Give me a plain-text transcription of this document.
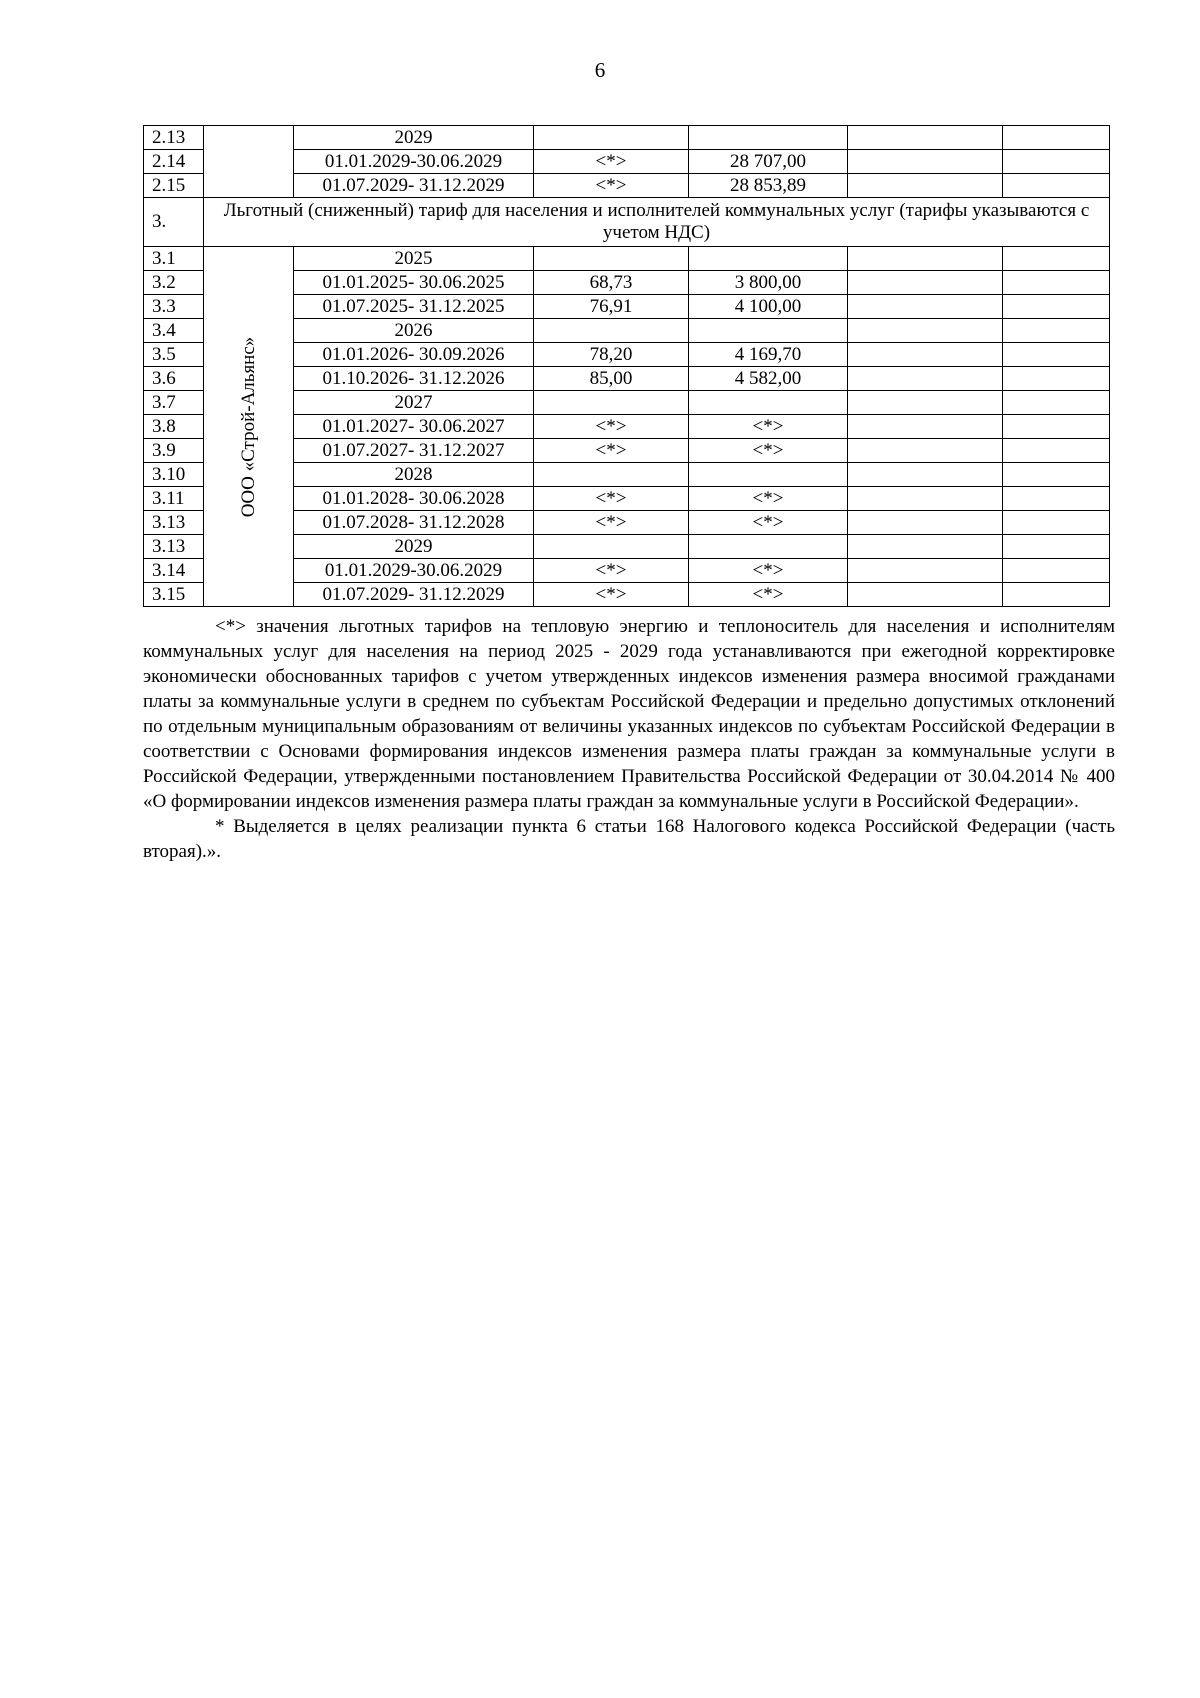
6
2.13		2029				
2.14		01.01.2029-30.06.2029	<*>	28 707,00		
2.15		01.07.2029- 31.12.2029	<*>	28 853,89		
3.	Льготный (сниженный) тариф для населения и исполнителей коммунальных услуг (тарифы указываются с учетом НДС)					
3.1	ООО «Строй-Альянс»	2025				
3.2		01.01.2025- 30.06.2025	68,73	3 800,00		
3.3		01.07.2025- 31.12.2025	76,91	4 100,00		
3.4		2026				
3.5		01.01.2026- 30.09.2026	78,20	4 169,70		
3.6		01.10.2026- 31.12.2026	85,00	4 582,00		
3.7		2027				
3.8		01.01.2027- 30.06.2027	<*>	<*>		
3.9		01.07.2027- 31.12.2027	<*>	<*>		
3.10		2028				
3.11		01.01.2028- 30.06.2028	<*>	<*>		
3.13		01.07.2028- 31.12.2028	<*>	<*>		
3.13		2029				
3.14		01.01.2029-30.06.2029	<*>	<*>		
3.15		01.07.2029- 31.12.2029	<*>	<*>		

<*> значения льготных тарифов на тепловую энергию и теплоноситель для населения и исполнителям коммунальных услуг для населения на период 2025 - 2029 года устанавливаются при ежегодной корректировке экономически обоснованных тарифов с учетом утвержденных индексов изменения размера вносимой гражданами платы за коммунальные услуги в среднем по субъектам Российской Федерации и предельно допустимых отклонений по отдельным муниципальным образованиям от величины указанных индексов по субъектам Российской Федерации в соответствии с Основами формирования индексов изменения размера платы граждан за коммунальные услуги в Российской Федерации, утвержденными постановлением Правительства Российской Федерации от 30.04.2014 № 400 «О формировании индексов изменения размера платы граждан за коммунальные услуги в Российской Федерации».

* Выделяется в целях реализации пункта 6 статьи 168 Налогового кодекса Российской Федерации (часть вторая).».
